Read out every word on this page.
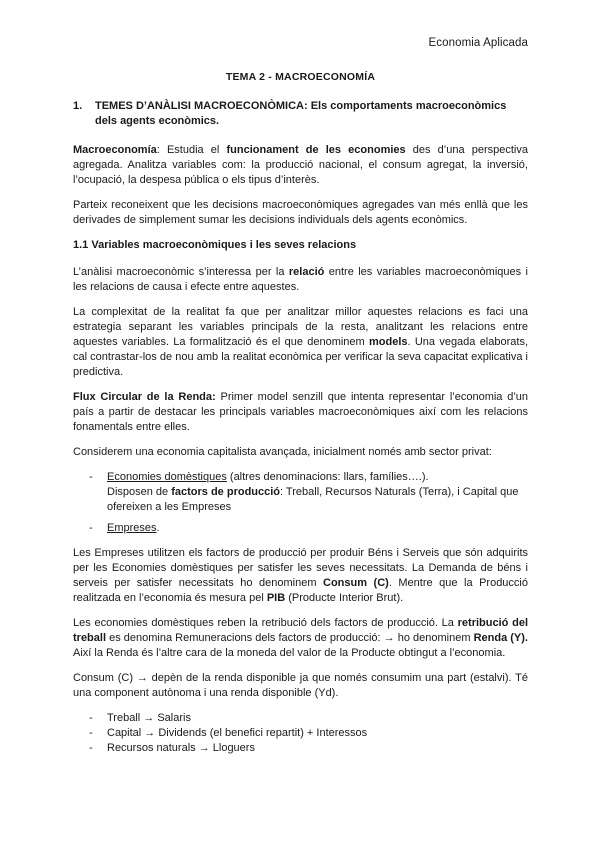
Economia Aplicada
TEMA 2 - MACROECONOMÍA
1.	TEMES D’ANÀLISI MACROECONÒMICA: Els comportaments macroeconòmics dels agents econòmics.

Macroeconomía: Estudia el funcionament de les economies des d’una perspectiva agregada. Analitza variables com: la producció nacional, el consum agregat, la inversió, l’ocupació, la despesa pública o els tipus d’interès.

Parteix reconeixent que les decisions macroeconòmiques agregades van més enllà que les derivades de simplement sumar les decisions individuals dels agents econòmics.

1.1 Variables macroeconòmiques i les seves relacions

L’anàlisi macroeconòmic s’interessa per la relació entre les variables macroeconòmiques i les relacions de causa i efecte entre aquestes.

La complexitat de la realitat fa que per analitzar millor aquestes relacions es faci una estrategia separant les variables principals de la resta, analitzant les relacions entre aquestes variables. La formalització és el que denominem models. Una vegada elaborats, cal contrastar-los de nou amb la realitat econòmica per verificar la seva capacitat explicativa i predictiva.

Flux Circular de la Renda: Primer model senzill que intenta representar l’economia d’un país a partir de destacar les principals variables macroeconòmiques així com les relacions fonamentals entre elles.

Considerem una economia capitalista avançada, inicialment només amb sector privat:

- Economies domèstiques (altres denominacions: llars, famílies….).
Disposen de factors de producció: Treball, Recursos Naturals (Terra), i Capital que ofereixen a les Empreses
- Empreses.

Les Empreses utilitzen els factors de producció per produir Béns i Serveis que són adquirits per les Economies domèstiques per satisfer les seves necessitats. La Demanda de béns i serveis per satisfer necessitats ho denominem Consum (C). Mentre que la Producció realitzada en l’economia és mesura pel PIB (Producte Interior Brut).

Les economies domèstiques reben la retribució dels factors de producció. La retribució del treball es denomina Remuneracions dels factors de producció: → ho denominem Renda (Y). Així la Renda és l’altre cara de la moneda del valor de la Producte obtingut a l’economia.

Consum (C) → depèn de la renda disponible ja que només consumim una part (estalvi). Té una component autònoma i una renda disponible (Yd).

- Treball → Salaris
- Capital → Dividends (el benefici repartit) + Interessos
- Recursos naturals → Lloguers
